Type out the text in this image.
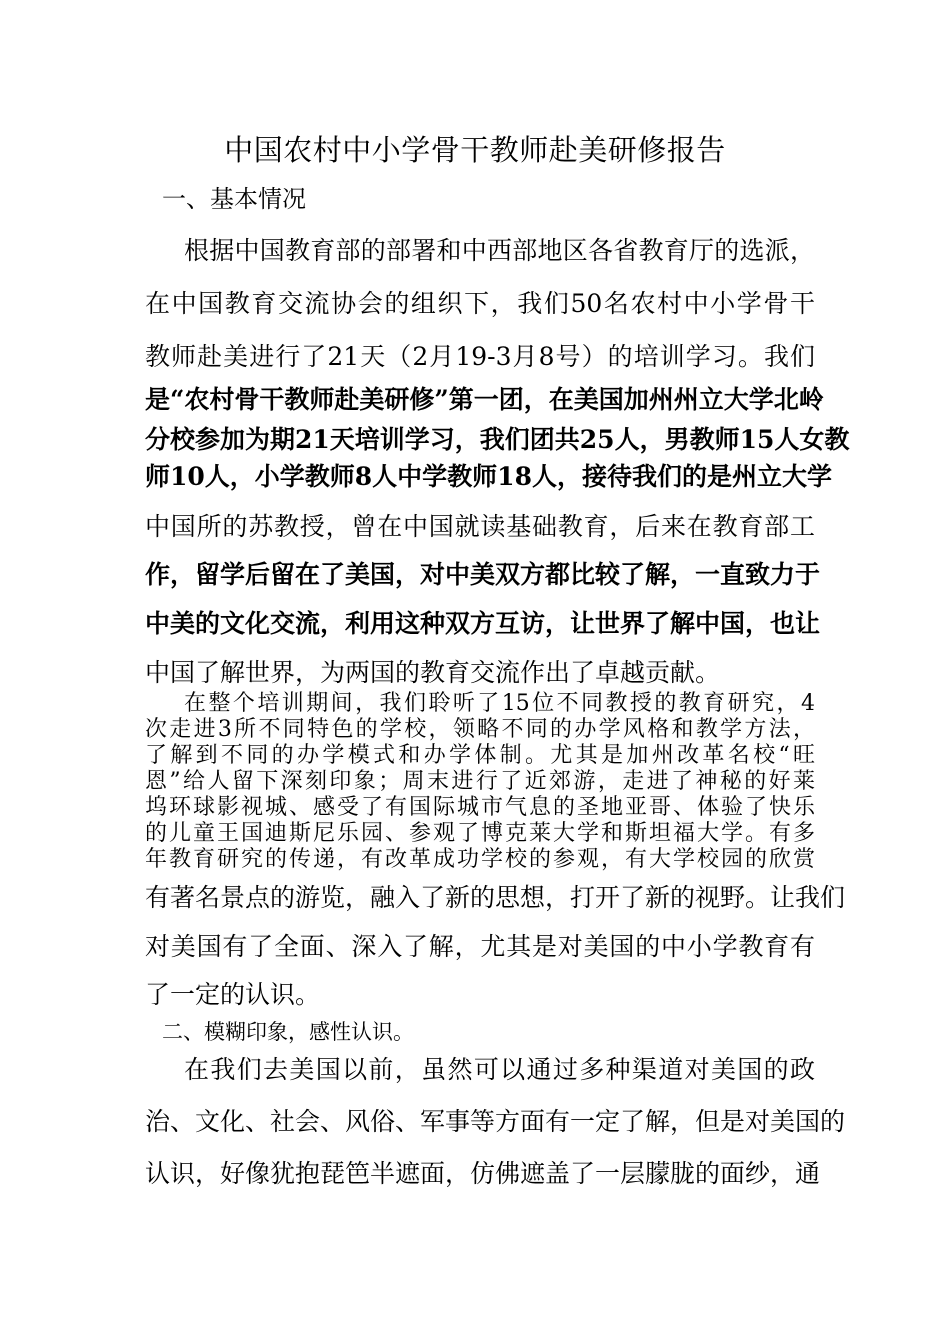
中国农村中小学骨干教师赴美研修报告
一、基本情况
根据中国教育部的部署和中西部地区各省教育厅的选派，
在中国教育交流协会的组织下，我们50名农村中小学骨干
教师赴美进行了21天（2月19-3月8号）的培训学习。我们
是“农村骨干教师赴美研修”第一团，在美国加州州立大学北岭
分校参加为期21天培训学习，我们团共25人，男教师15人女教
师10人，小学教师8人中学教师18人，接待我们的是州立大学
中国所的苏教授，曾在中国就读基础教育，后来在教育部工
作，留学后留在了美国，对中美双方都比较了解，一直致力于
中美的文化交流，利用这种双方互访，让世界了解中国，也让
中国了解世界，为两国的教育交流作出了卓越贡献。
在整个培训期间，我们聆听了15位不同教授的教育研究，4
次走进3所不同特色的学校，领略不同的办学风格和教学方法，
了解到不同的办学模式和办学体制。尤其是加州改革名校“旺
恩”给人留下深刻印象；周末进行了近郊游，走进了神秘的好莱
坞环球影视城、感受了有国际城市气息的圣地亚哥、体验了快乐
的儿童王国迪斯尼乐园、参观了博克莱大学和斯坦福大学。有多
年教育研究的传递，有改革成功学校的参观，有大学校园的欣赏
有著名景点的游览，融入了新的思想，打开了新的视野。让我们
对美国有了全面、深入了解，尤其是对美国的中小学教育有
了一定的认识。
二、模糊印象，感性认识。
在我们去美国以前，虽然可以通过多种渠道对美国的政
治、文化、社会、风俗、军事等方面有一定了解，但是对美国的
认识，好像犹抱琵笆半遮面，仿佛遮盖了一层朦胧的面纱，通
